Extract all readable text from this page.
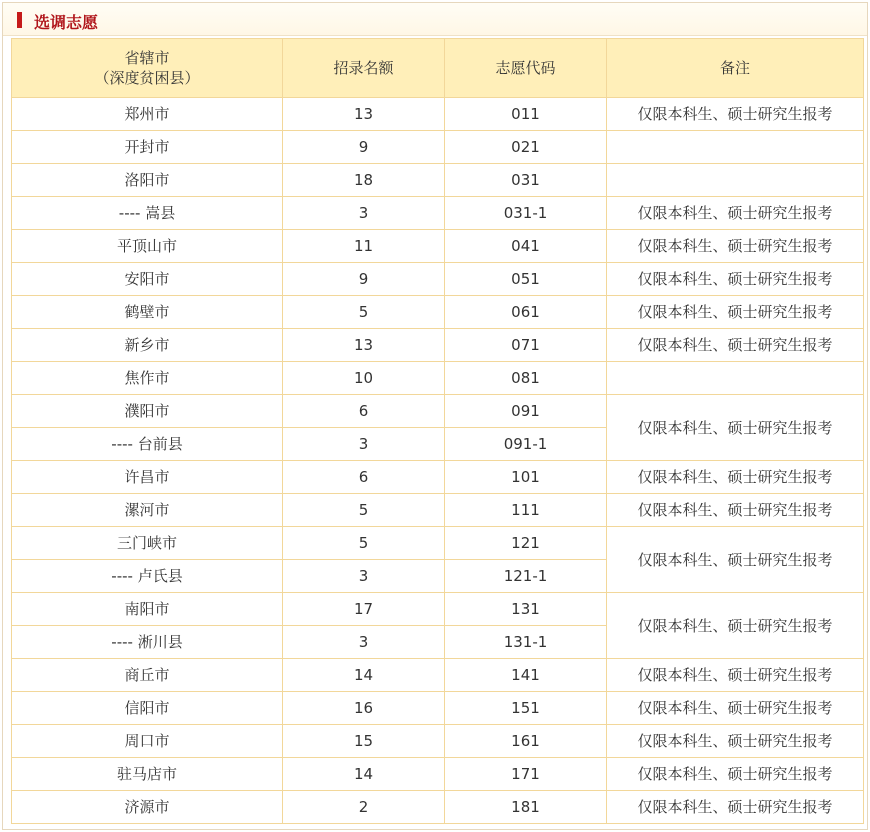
选调志愿
省辖市
（深度贫困县）	招录名额	志愿代码	备注
郑州市	13	011	仅限本科生、硕士研究生报考
开封市	9	021	
洛阳市	18	031	
---- 嵩县	3	031-1	仅限本科生、硕士研究生报考
平顶山市	11	041	仅限本科生、硕士研究生报考
安阳市	9	051	仅限本科生、硕士研究生报考
鹤壁市	5	061	仅限本科生、硕士研究生报考
新乡市	13	071	仅限本科生、硕士研究生报考
焦作市	10	081	
濮阳市	6	091	仅限本科生、硕士研究生报考
---- 台前县	3	091-1	
许昌市	6	101	仅限本科生、硕士研究生报考
漯河市	5	111	仅限本科生、硕士研究生报考
三门峡市	5	121	仅限本科生、硕士研究生报考
---- 卢氏县	3	121-1	
南阳市	17	131	仅限本科生、硕士研究生报考
---- 淅川县	3	131-1	
商丘市	14	141	仅限本科生、硕士研究生报考
信阳市	16	151	仅限本科生、硕士研究生报考
周口市	15	161	仅限本科生、硕士研究生报考
驻马店市	14	171	仅限本科生、硕士研究生报考
济源市	2	181	仅限本科生、硕士研究生报考
